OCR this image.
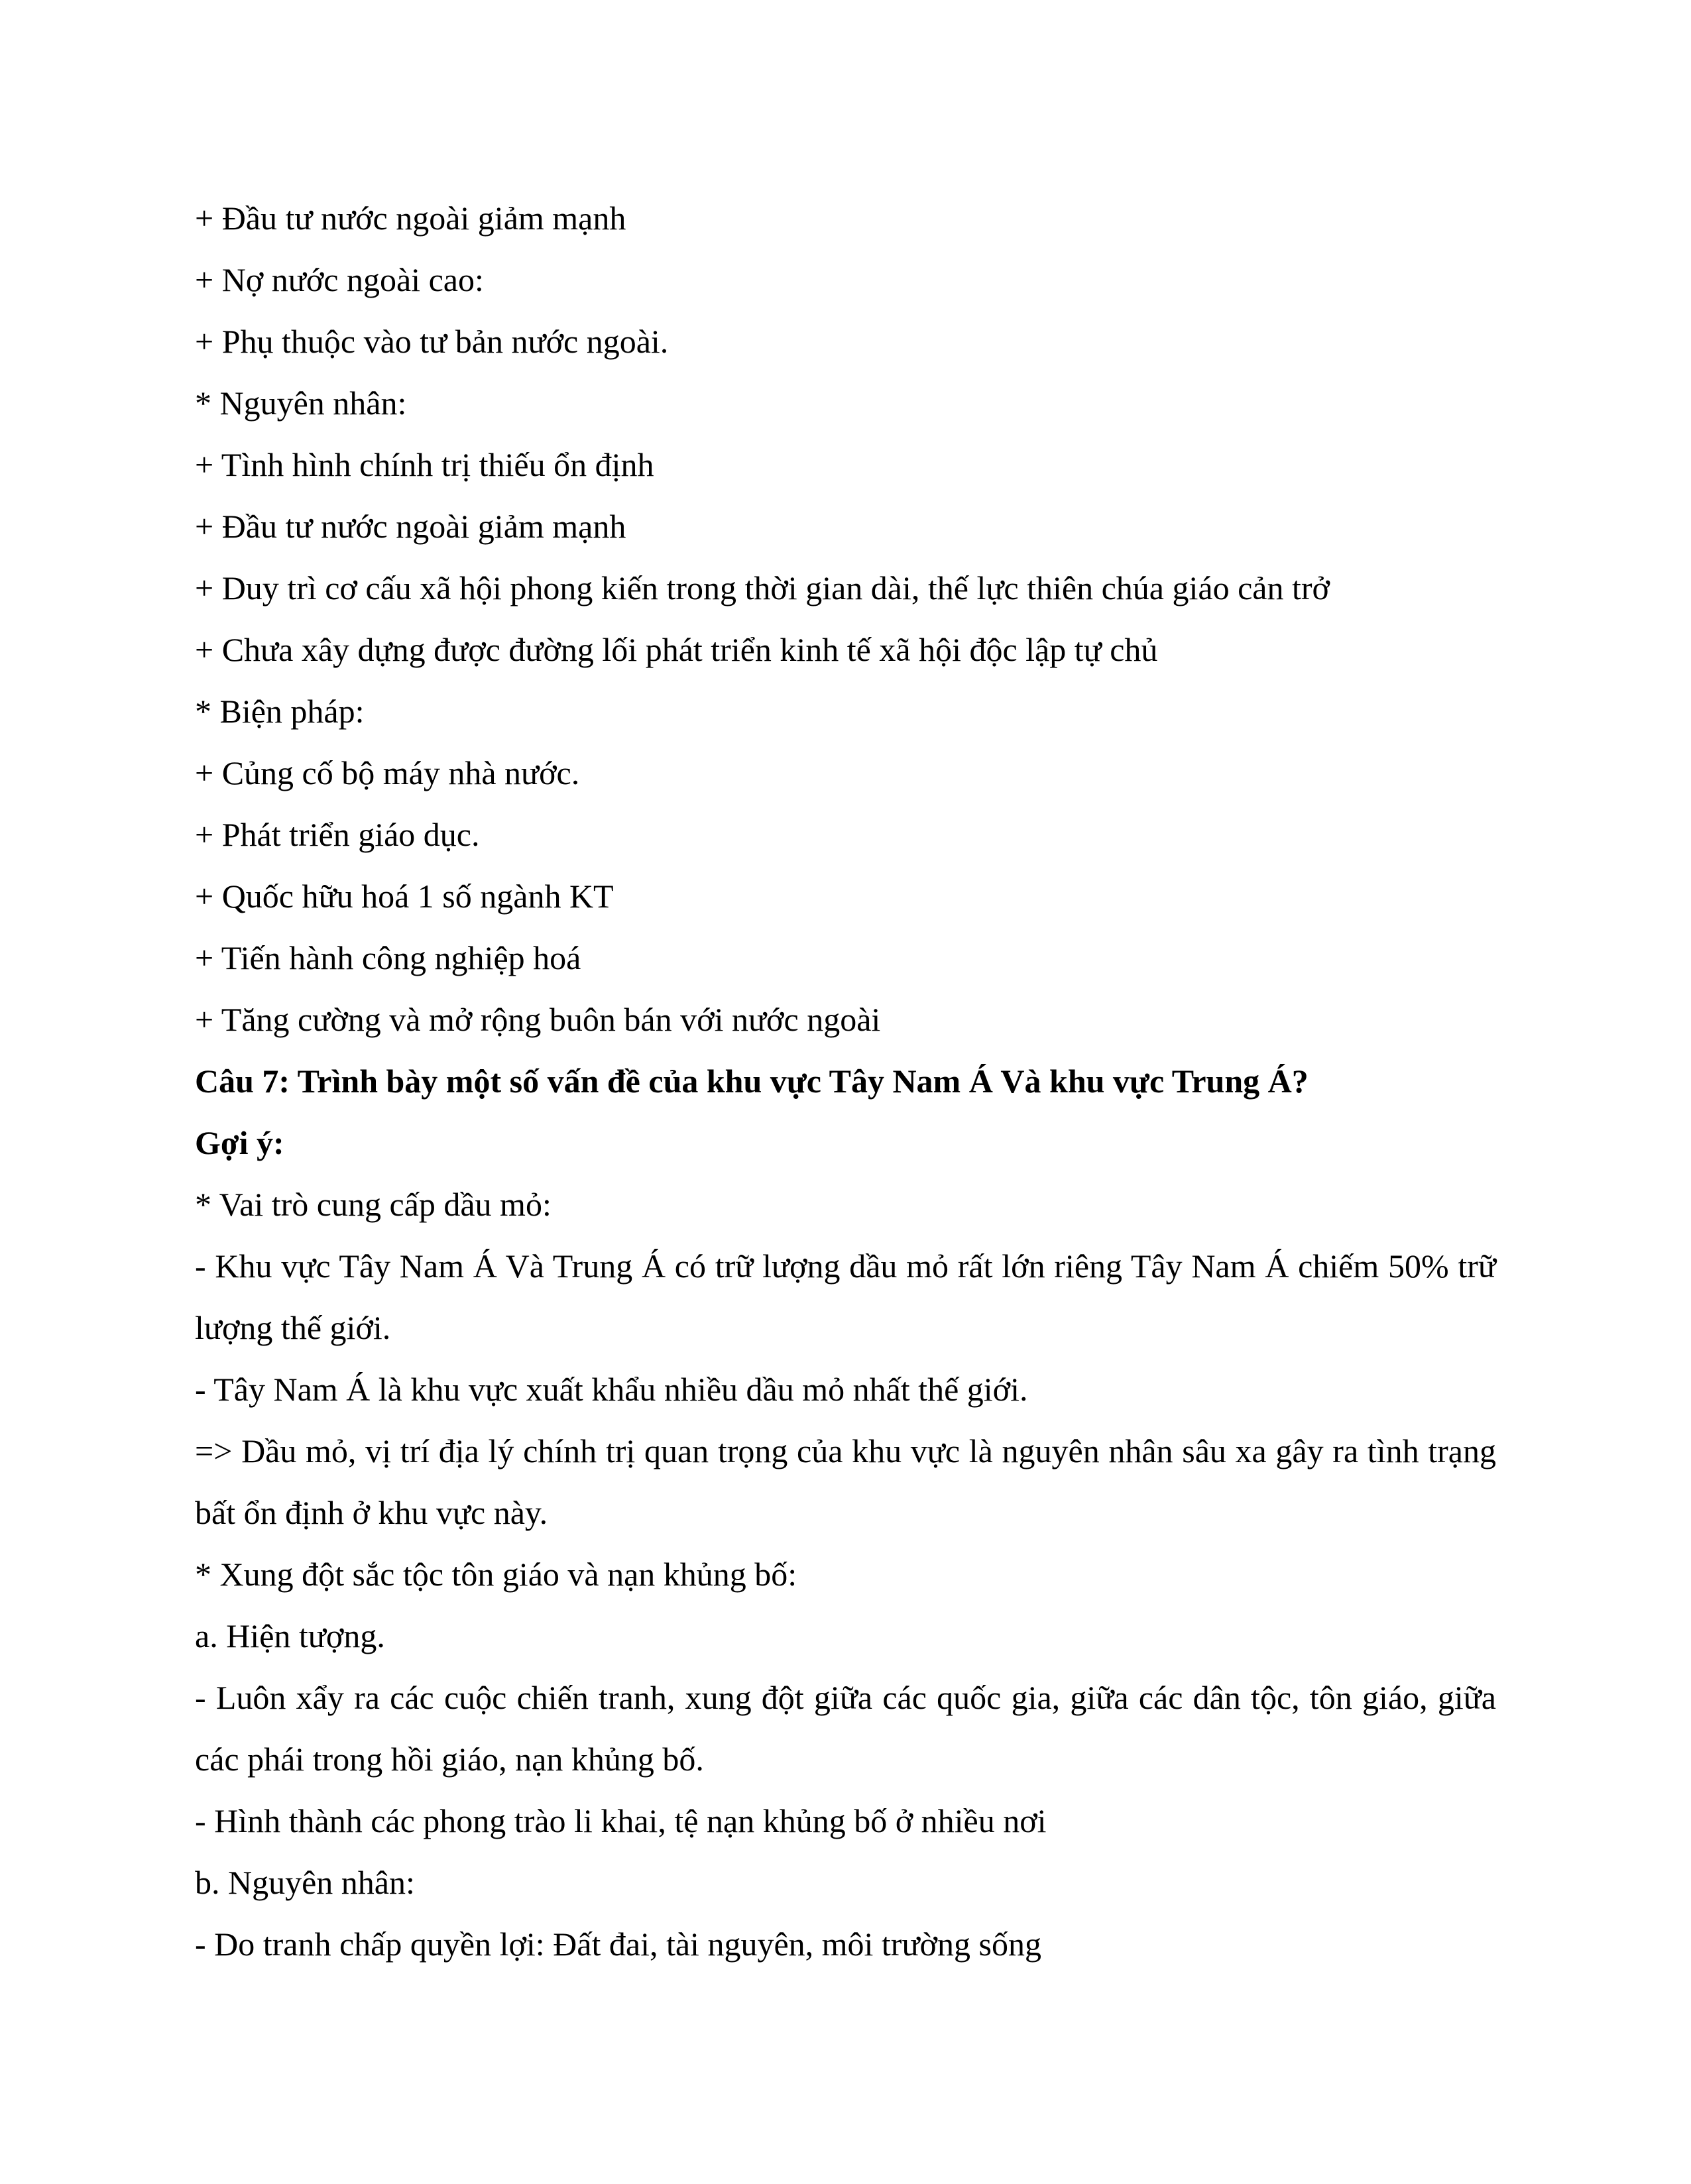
+ Đầu tư nước ngoài giảm mạnh
+ Nợ nước ngoài cao:
+ Phụ thuộc vào tư bản nước ngoài.
* Nguyên nhân:
+ Tình hình chính trị thiếu ổn định
+ Đầu tư nước ngoài giảm mạnh
+ Duy trì cơ cấu xã hội phong kiến trong thời gian dài, thế lực thiên chúa giáo cản trở
+ Chưa xây dựng được đường lối phát triển kinh tế xã hội độc lập tự chủ
* Biện pháp:
+ Củng cố bộ máy nhà nước.
+ Phát triển giáo dục.
+ Quốc hữu hoá 1 số ngành KT
+ Tiến hành công nghiệp hoá
+ Tăng cường và mở rộng buôn bán với nước ngoài
Câu 7: Trình bày một số vấn đề của khu vực Tây Nam Á Và khu vực Trung Á?
Gợi ý:
* Vai trò cung cấp dầu mỏ:

- Khu vực Tây Nam Á Và Trung Á có trữ lượng dầu mỏ rất lớn riêng Tây Nam Á chiếm 50% trữ lượng thế giới.

- Tây Nam Á là khu vực xuất khẩu nhiều dầu mỏ nhất thế giới.

=> Dầu mỏ, vị trí địa lý chính trị quan trọng của khu vực là nguyên nhân sâu xa gây ra tình trạng bất ổn định ở khu vực này.

* Xung đột sắc tộc tôn giáo và nạn khủng bố:
a. Hiện tượng.

- Luôn xẩy ra các cuộc chiến tranh, xung đột giữa các quốc gia, giữa các dân tộc, tôn giáo, giữa các phái trong hồi giáo, nạn khủng bố.

- Hình thành các phong trào li khai, tệ nạn khủng bố ở nhiều nơi
b. Nguyên nhân:
- Do tranh chấp quyền lợi: Đất đai, tài nguyên, môi trường sống
